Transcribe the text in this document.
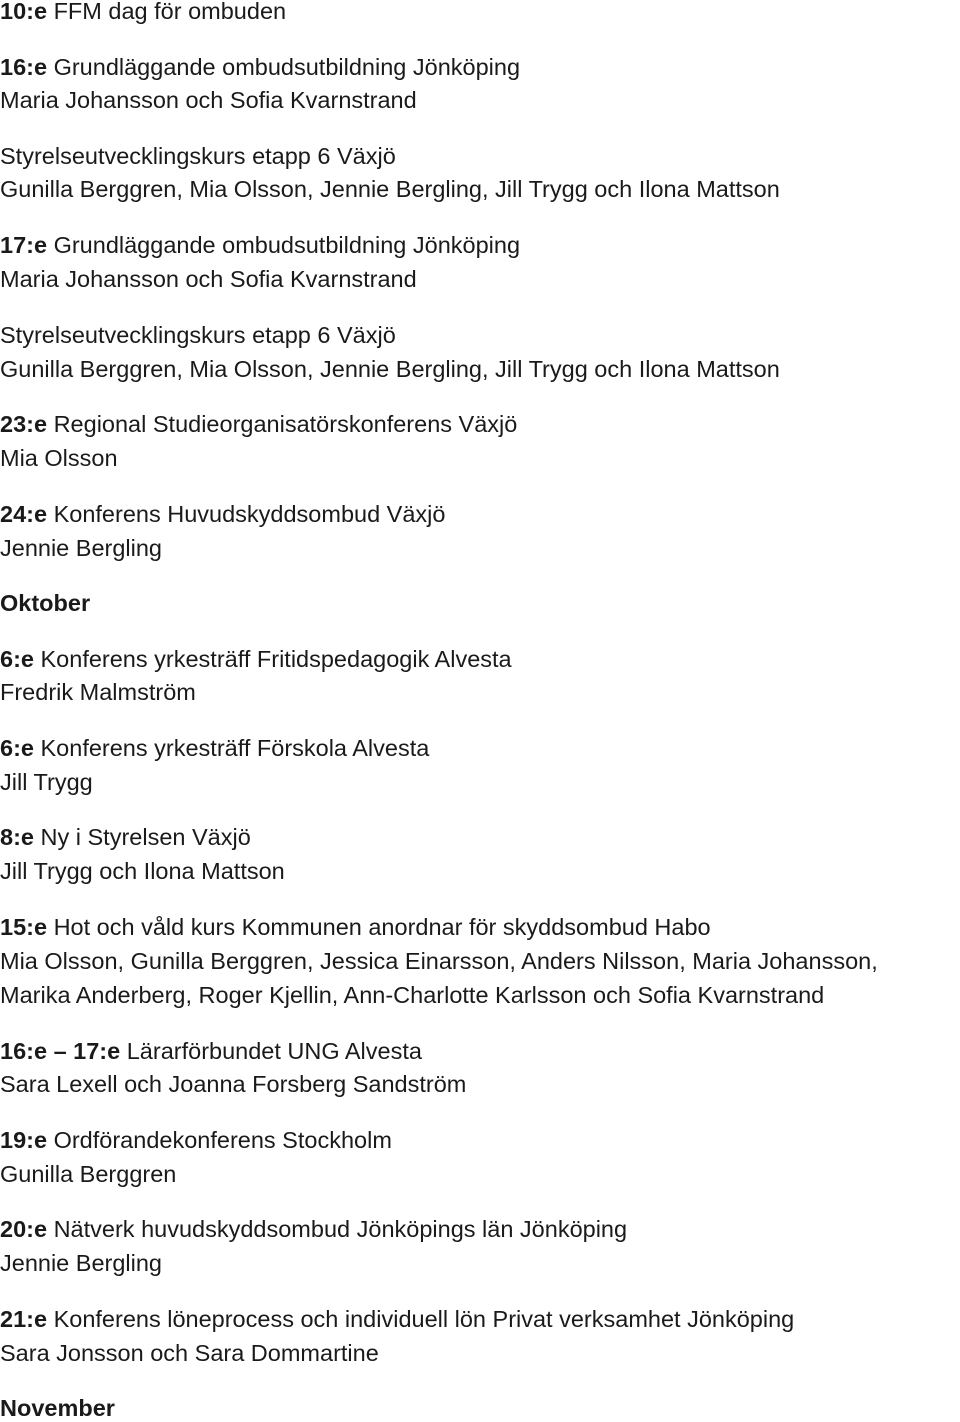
10:e FFM dag för ombuden
16:e Grundläggande ombudsutbildning Jönköping
Maria Johansson och Sofia Kvarnstrand
Styrelseutvecklingskurs etapp 6 Växjö
Gunilla Berggren, Mia Olsson, Jennie Bergling, Jill Trygg och Ilona Mattson
17:e Grundläggande ombudsutbildning Jönköping
Maria Johansson och Sofia Kvarnstrand
Styrelseutvecklingskurs etapp 6 Växjö
Gunilla Berggren, Mia Olsson, Jennie Bergling, Jill Trygg och Ilona Mattson
23:e Regional Studieorganisatörskonferens Växjö
Mia Olsson
24:e Konferens Huvudskyddsombud Växjö
Jennie Bergling
Oktober
6:e Konferens yrkesträff Fritidspedagogik Alvesta
Fredrik Malmström
6:e Konferens yrkesträff Förskola Alvesta
Jill Trygg
8:e Ny i Styrelsen Växjö
Jill Trygg och Ilona Mattson
15:e Hot och våld kurs Kommunen anordnar för skyddsombud Habo
Mia Olsson, Gunilla Berggren, Jessica Einarsson, Anders Nilsson, Maria Johansson,
Marika Anderberg, Roger Kjellin, Ann-Charlotte Karlsson och Sofia Kvarnstrand
16:e – 17:e Lärarförbundet UNG Alvesta
Sara Lexell och Joanna Forsberg Sandström
19:e Ordförandekonferens Stockholm
Gunilla Berggren
20:e Nätverk huvudskyddsombud Jönköpings län Jönköping
Jennie Bergling
21:e Konferens löneprocess och individuell lön Privat verksamhet Jönköping
Sara Jonsson och Sara Dommartine
November
